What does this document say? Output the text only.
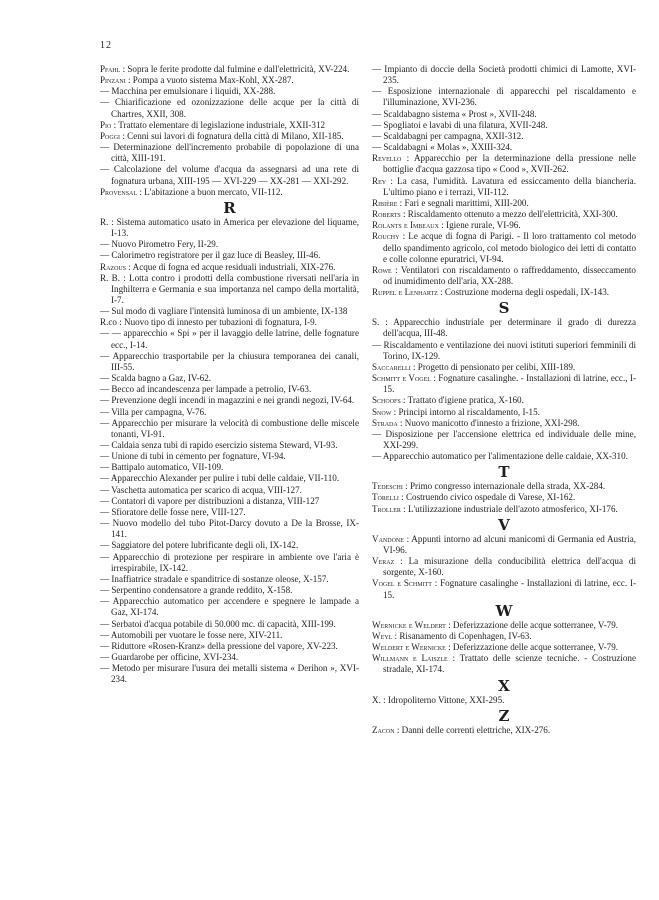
12
Pfahl : Sopra le ferite prodotte dal fulmine e dall'elettricità, XV-224.
Pinzani : Pompa a vuoto sistema Max-Kohl, XX-287.
— Macchina per emulsionare i liquidi, XX-288.
— Chiarificazione ed ozonizzazione delle acque per la città di Chartres, XXII, 308.
Pio : Trattato elementare di legislazione industriale, XXII-312
Poggi : Cenni sui lavori di fognatura della città di Milano, XII-185.
— Determinazione dell'incremento probabile di popolazione di una città, XIII-191.
— Calcolazione del volume d'acqua da assegnarsi ad una rete di fognatura urbana, XIII-195 — XVI-229 — XX-281 — XXI-292.
Provensal : L'abitazione a buon mercato, VII-112.
R
R. : Sistema automatico usato in America per elevazione del liquame, I-13.
— Nuovo Pirometro Fery, II-29.
— Calorimetro registratore per il gaz luce di Beasley, III-46.
Razous : Acque di fogna ed acque residuali industriali, XIX-276.
R. B. : Lotta contro i prodotti della combustione riversati nell'aria in Inghilterra e Germania e sua importanza nel campo della mortalità, I-7.
— Sul modo di vagliare l'intensità luminosa di un ambiente, IX-138
R.co : Nuovo tipo di innesto per tubazioni di fognatura, I-9.
— — apparecchio « Spi » per il lavaggio delle latrine, delle fognature ecc., I-14.
— Apparecchio trasportabile per la chiusura temporanea dei canali, III-55.
— Scalda bagno a Gaz, IV-62.
— Becco ad incandescenza per lampade a petrolio, IV-63.
— Prevenzione degli incendi in magazzini e nei grandi negozi, IV-64.
— Villa per campagna, V-76.
— Apparecchio per misurare la velocità di combustione delle miscele tonanti, VI-91.
— Caldaia senza tubi di rapido esercizio sistema Steward, VI-93.
— Unione di tubi in cemento per fognature, VI-94.
— Battipalo automatico, VII-109.
— Apparecchio Alexander per pulire i tubi delle caldaie, VII-110.
— Vaschetta automatica per scarico di acqua, VIII-127.
— Contatori di vapore per distribuzioni a distanza, VIII-127
— Sfioratore delle fosse nere, VIII-127.
— Nuovo modello del tubo Pitot-Darcy dovuto a De la Brosse, IX-141.
— Saggiatore del potere lubrificante degli oli, IX-142.
— Apparecchio di protezione per respirare in ambiente ove l'aria è irrespirabile, IX-142.
— Inaffiatrice stradale e spanditrice di sostanze oleose, X-157.
— Serpentino condensatore a grande reddito, X-158.
— Apparecchio automatico per accendere e spegnere le lampade a Gaz, XI-174.
— Serbatoi d'acqua potabile di 50.000 mc. di capacità, XIII-199.
— Automobili per vuotare le fosse nere, XIV-211.
— Riduttore «Rosen-Kranz» della pressione del vapore, XV-223.
— Guardarobe per officine, XVI-234.
— Metodo per misurare l'usura dei metalli sistema « Derihon », XVI-234.
— Impianto di doccie della Società prodotti chimici di Lamotte, XVI-235.
— Esposizione internazionale di apparecchi pel riscaldamento e l'illuminazione, XVI-236.
— Scaldabagno sistema « Prost », XVII-248.
— Spogliatoi e lavabi di una filatura, XVII-248.
— Scaldabagni per campagna, XXII-312.
— Scaldabagni « Molas », XXIII-324.
Revello : Apparecchio per la determinazione della pressione nelle bottiglie d'acqua gazzosa tipo « Cood », XVII-262.
Rey : La casa, l'umidità. Lavatura ed essiccamento della biancheria. L'ultimo piano e i terrazi, VII-112.
Ribière : Fari e segnali marittimi, XIII-200.
Roberts : Riscaldamento ottenuto a mezzo dell'elettricità, XXI-300.
Rolants e Imbeaux : Igiene rurale, VI-96.
Rouchy : Le acque di fogna di Parigi. - Il loro trattamento col metodo dello spandimento agricolo, col metodo biologico dei letti di contatto e colle colonne epuratrici, VI-94.
Rowe : Ventilatori con riscaldamento o raffreddamento, disseccamento od inumidimento dell'aria, XX-288.
Ruppel e Lenhartz : Costruzione moderna degli ospedali, IX-143.
S
S. : Apparecchio industriale per determinare il grado di durezza dell'acqua, III-48.
— Riscaldamento e ventilazione dei nuovi istituti superiori femminili di Torino, IX-129.
Saccarelli : Progetto di pensionato per celibi, XIII-189.
Schmitt e Vogel : Fognature casalinghe. - Installazioni di latrine, ecc., I-15.
Schoofs : Trattato d'igiene pratica, X-160.
Snow : Principi intorno al riscaldamento, I-15.
Strada : Nuovo manicotto d'innesto a frizione, XXI-298.
— Disposizione per l'accensione elettrica ed individuale delle mine, XXI-299.
— Apparecchio automatico per l'alimentazione delle caldaie, XX-310.
T
Tedeschi : Primo congresso internazionale della strada, XX-284.
Torelli : Costruendo civico ospedale di Varese, XI-162.
Troller : L'utilizzazione industriale dell'azoto atmosferico, XI-176.
V
Vandone : Appunti intorno ad alcuni manicomi di Germania ed Austria, VI-96.
Veraz : La misurazione della conducibilità elettrica dell'acqua di sorgente, X-160.
Vogel e Schmitt : Fognature casalinghe - Installazioni di latrine, ecc. I-15.
W
Wernicke e Weldert : Deferizzazione delle acque sotterranee, V-79.
Weyl : Risanamento di Copenhagen, IV-63.
Weldert e Wernicke : Deferizzazione delle acque sotterranee, V-79.
Willmann e Laiszle : Trattato delle scienze tecniche. - Costruzione stradale, XI-174.
X
X. : Idropoliterno Vittone, XXI-295.
Z
Zacon : Danni delle correnti elettriche, XIX-276.
